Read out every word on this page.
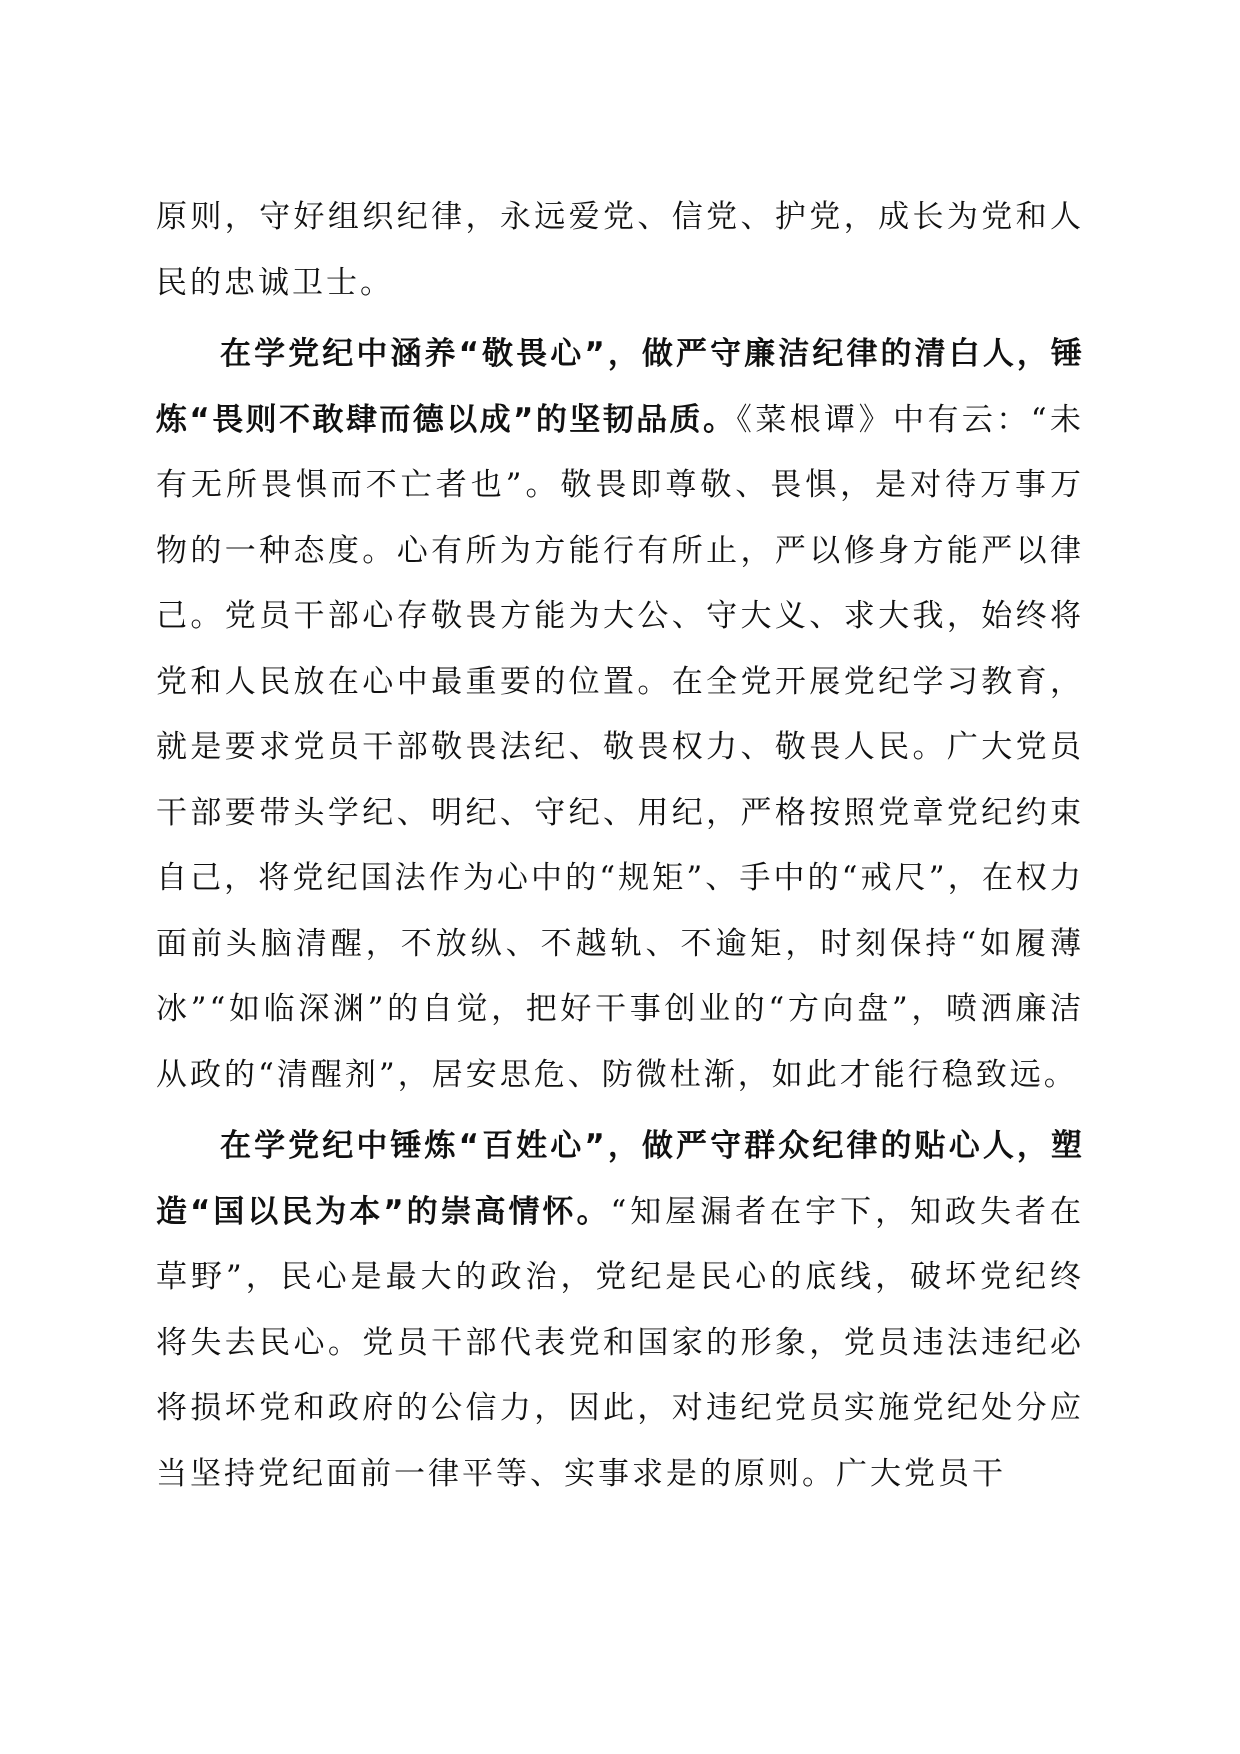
原则，守好组织纪律，永远爱党、信党、护党，成长为党和人民的忠诚卫士。

在学党纪中涵养“敬畏心”，做严守廉洁纪律的清白人，锤炼“畏则不敢肆而德以成”的坚韧品质。《菜根谭》中有云：“未有无所畏惧而不亡者也”。敬畏即尊敬、畏惧，是对待万事万物的一种态度。心有所为方能行有所止，严以修身方能严以律己。党员干部心存敬畏方能为大公、守大义、求大我，始终将党和人民放在心中最重要的位置。在全党开展党纪学习教育，就是要求党员干部敬畏法纪、敬畏权力、敬畏人民。广大党员干部要带头学纪、明纪、守纪、用纪，严格按照党章党纪约束自己，将党纪国法作为心中的“规矩”、手中的“戒尺”，在权力面前头脑清醒，不放纵、不越轨、不逾矩，时刻保持“如履薄冰”“如临深渊”的自觉，把好干事创业的“方向盘”，喷洒廉洁从政的“清醒剂”，居安思危、防微杜渐，如此才能行稳致远。

在学党纪中锤炼“百姓心”，做严守群众纪律的贴心人，塑造“国以民为本”的崇高情怀。“知屋漏者在宇下，知政失者在草野”，民心是最大的政治，党纪是民心的底线，破坏党纪终将失去民心。党员干部代表党和国家的形象，党员违法违纪必将损坏党和政府的公信力，因此，对违纪党员实施党纪处分应当坚持党纪面前一律平等、实事求是的原则。广大党员干
